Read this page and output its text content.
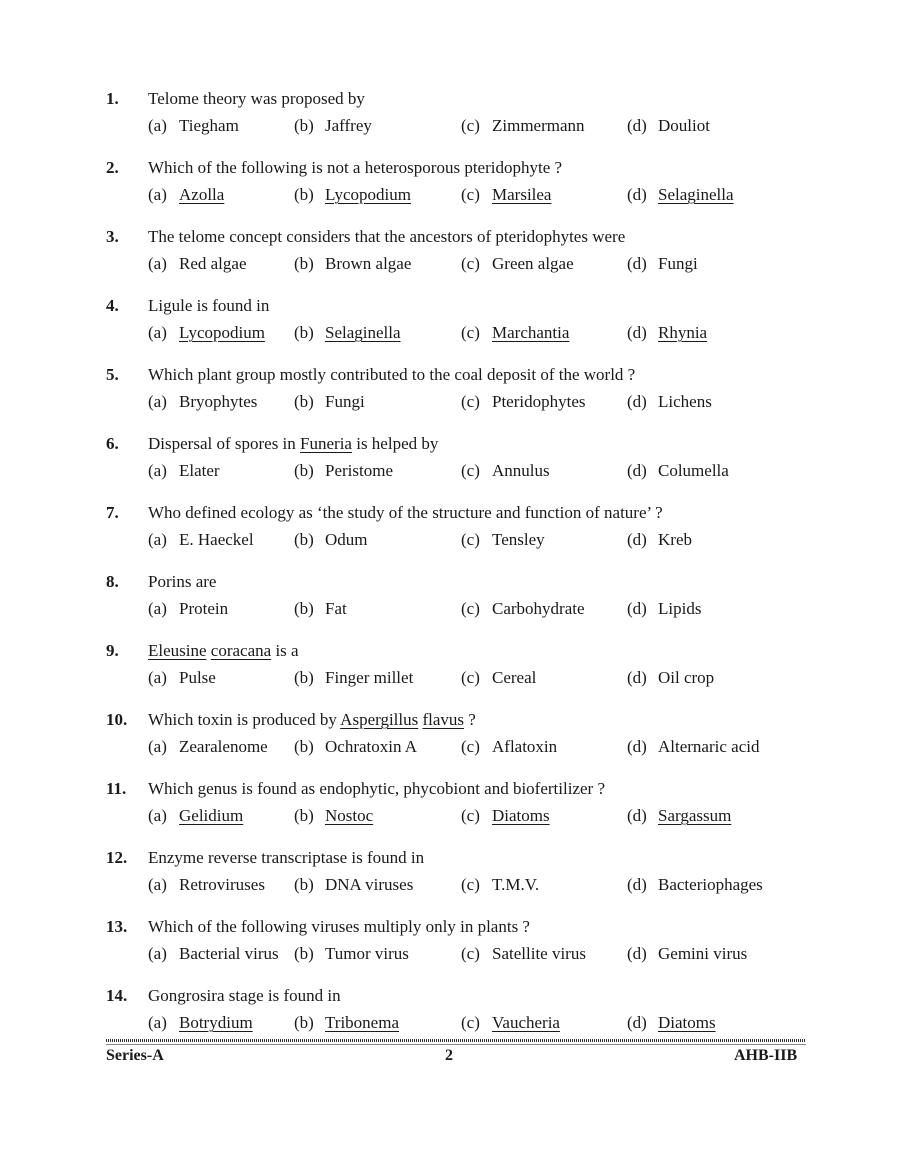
1. Telome theory was proposed by
(a) Tiegham	(b) Jaffrey	(c) Zimmermann (d) Douliot
2. Which of the following is not a heterosporous pteridophyte ?
(a) Azolla	(b) Lycopodium	(c) Marsilea	(d) Selaginella
3. The telome concept considers that the ancestors of pteridophytes were
(a) Red algae	(b) Brown algae	(c) Green algae	(d) Fungi
4. Ligule is found in
(a) Lycopodium (b) Selaginella	(c) Marchantia	(d) Rhynia
5. Which plant group mostly contributed to the coal deposit of the world ?
(a) Bryophytes (b) Fungi	(c) Pteridophytes (d) Lichens
6. Dispersal of spores in Funeria is helped by
(a) Elater	(b) Peristome	(c) Annulus	(d) Columella
7. Who defined ecology as ‘the study of the structure and function of nature’ ?
(a) E. Haeckel (b) Odum	(c) Tensley	(d) Kreb
8. Porins are
(a) Protein	(b) Fat	(c) Carbohydrate (d) Lipids
9. Eleusine coracana is a
(a) Pulse	(b) Finger millet	(c) Cereal	(d) Oil crop
10. Which toxin is produced by Aspergillus flavus ?
(a) Zearalenome (b) Ochratoxin A	(c) Aflatoxin	(d) Alternaric acid
11. Which genus is found as endophytic, phycobiont and biofertilizer ?
(a) Gelidium	(b) Nostoc	(c) Diatoms	(d) Sargassum
12. Enzyme reverse transcriptase is found in
(a) Retroviruses (b) DNA viruses	(c) T.M.V.	(d) Bacteriophages
13. Which of the following viruses multiply only in plants ?
(a) Bacterial virus (b) Tumor virus	(c) Satellite virus (d) Gemini virus
14. Gongrosira stage is found in
(a) Botrydium (b) Tribonema	(c) Vaucheria	(d) Diatoms
Series-A	2	AHB-IIB
